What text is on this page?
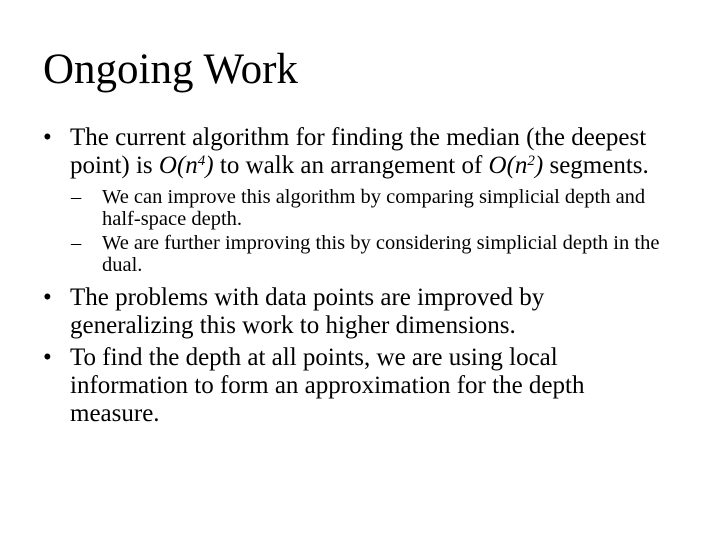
Ongoing Work
• The current algorithm for finding the median (the deepest point) is $O(n^4)$ to walk an arrangement of $O(n^2)$ segments.
– We can improve this algorithm by comparing simplicial depth and half-space depth.
– We are further improving this by considering simplicial depth in the dual.
• The problems with data points are improved by generalizing this work to higher dimensions.
• To find the depth at all points, we are using local information to form an approximation for the depth measure.
